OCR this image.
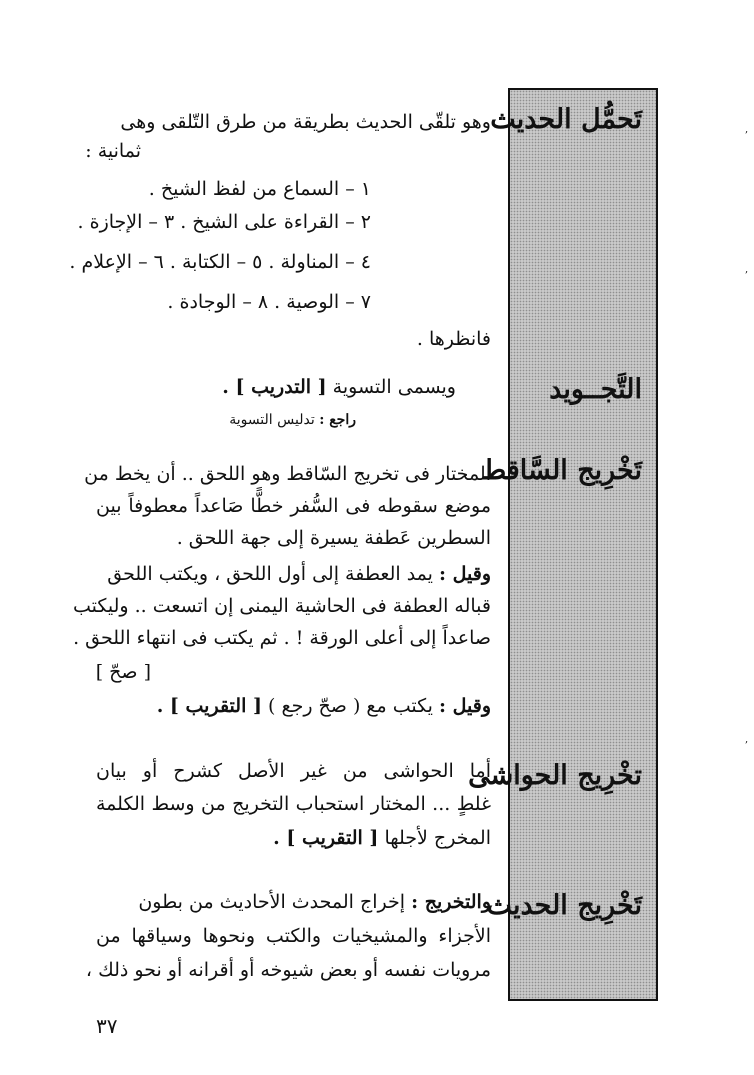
,
,
,
تَحمُّل الحديث
التَّجــويد
تَخْرِيج السَّاقط
تخْرِيج الحواشى
تَخْرِيج الحديث
وهو تلقّى الحديث بطريقة من طرق التّلقى وهى
ثمانية :
١ – السماع من لفظ الشيخ .
٢ – القراءة على الشيخ . ٣ – الإجازة .
٤ – المناولة . ٥ – الكتابة . ٦ – الإعلام .
٧ – الوصية . ٨ – الوجادة .
فانظرها .
ويسمى التسوية [ التدريب ] .
راجع : تدليس التسوية
المختار فى تخريج السّاقط وهو اللحق .. أن يخط من
موضع سقوطه فى السُّفر خطًّا صَاعداً معطوفاً بين
السطرين عَطفة يسيرة إلى جهة اللحق .
وقيل : يمد العطفة إلى أول اللحق ، ويكتب اللحق
قباله العطفة فى الحاشية اليمنى إن اتسعت .. وليكتب
صاعداً إلى أعلى الورقة ! . ثم يكتب فى انتهاء اللحق .
[ صحّ ]
وقيل : يكتب مع ( صحّ رجع ) [ التقريب ] .
أما الحواشى من غير الأصل كشرح أو بيان
غلطٍ ... المختار استحباب التخريج من وسط الكلمة
المخرج لأجلها [ التقريب ] .
والتخريج : إخراج المحدث الأحاديث من بطون
الأجزاء والمشيخيات والكتب ونحوها وسياقها من
مرويات نفسه أو بعض شيوخه أو أقرانه أو نحو ذلك ،
٣٧
